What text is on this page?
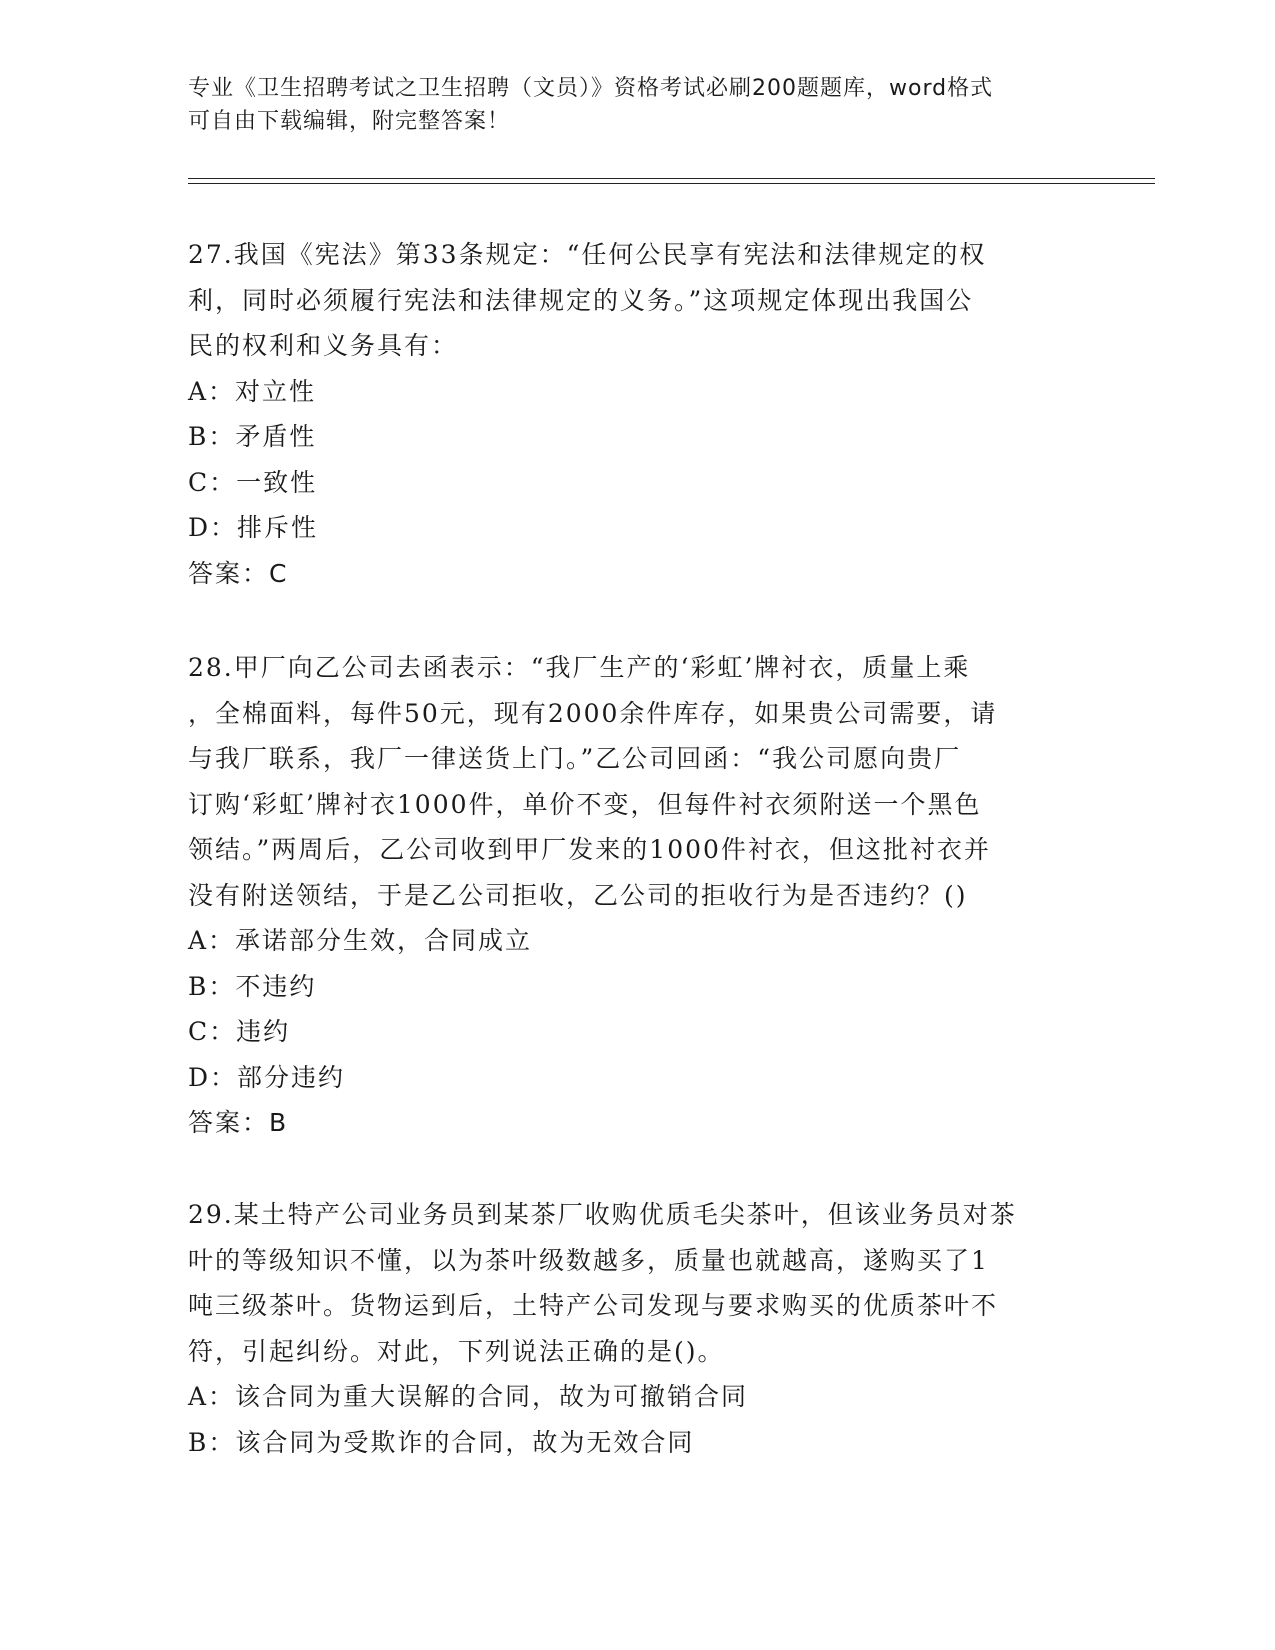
专业《卫生招聘考试之卫生招聘（文员）》资格考试必刷200题题库，word格式
可自由下载编辑，附完整答案！

27.我国《宪法》第33条规定：“任何公民享有宪法和法律规定的权

利，同时必须履行宪法和法律规定的义务。”这项规定体现出我国公

民的权利和义务具有：

A：对立性

B：矛盾性

C：一致性

D：排斥性

答案：C

28.甲厂向乙公司去函表示：“我厂生产的‘彩虹’牌衬衣，质量上乘

，全棉面料，每件50元，现有2000余件库存，如果贵公司需要，请

与我厂联系，我厂一律送货上门。”乙公司回函：“我公司愿向贵厂

订购‘彩虹’牌衬衣1000件，单价不变，但每件衬衣须附送一个黑色

领结。”两周后，乙公司收到甲厂发来的1000件衬衣，但这批衬衣并

没有附送领结，于是乙公司拒收，乙公司的拒收行为是否违约？()

A：承诺部分生效，合同成立

B：不违约

C：违约

D：部分违约

答案：B

29.某土特产公司业务员到某茶厂收购优质毛尖茶叶，但该业务员对茶

叶的等级知识不懂，以为茶叶级数越多，质量也就越高，遂购买了1

吨三级茶叶。货物运到后，土特产公司发现与要求购买的优质茶叶不

符，引起纠纷。对此，下列说法正确的是()。

A：该合同为重大误解的合同，故为可撤销合同

B：该合同为受欺诈的合同，故为无效合同
